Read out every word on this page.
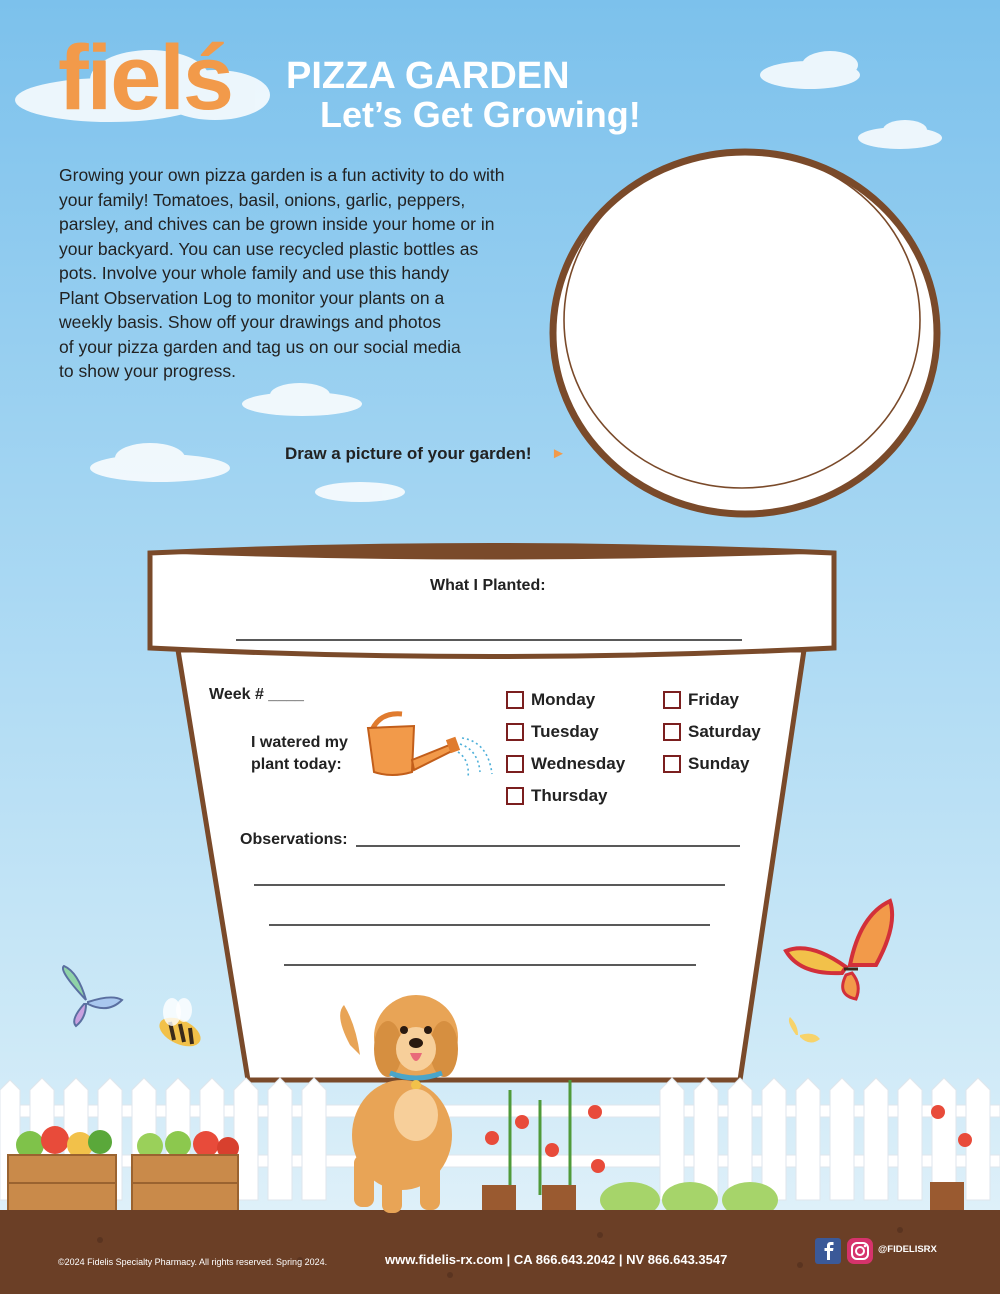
fielś PIZZA GARDEN
Let’s Get Growing!
Growing your own pizza garden is a fun activity to do with
your family! Tomatoes, basil, onions, garlic, peppers,
parsley, and chives can be grown inside your home or in
your backyard. You can use recycled plastic bottles as
pots. Involve your whole family and use this handy
Plant Observation Log to monitor your plants on a
weekly basis. Show off your drawings and photos
of your pizza garden and tag us on our social media
to show your progress.
Draw a picture of your garden! ►
What I Planted:
Week # ____
I watered my
plant today:
Observations:
Monday
Tuesday
Wednesday
Thursday
Friday
Saturday
Sunday
©2024 Fidelis Specialty Pharmacy. All rights reserved. Spring 2024.	www.fidelis-rx.com | CA 866.643.2042 | NV 866.643.3547
@FIDELISRX
